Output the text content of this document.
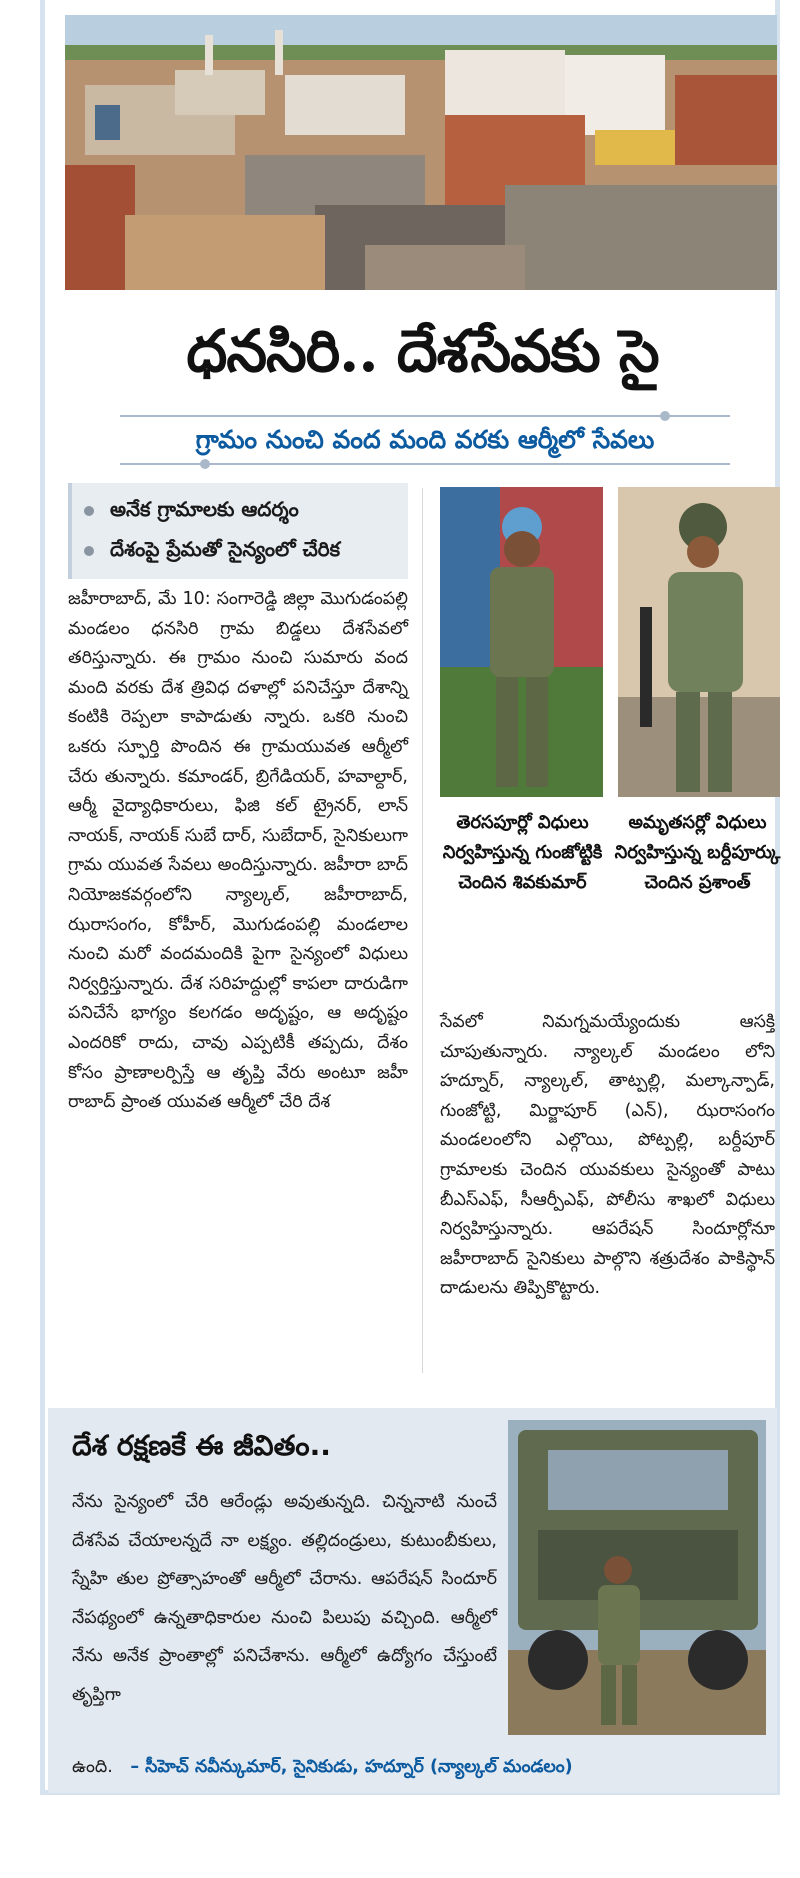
ధనసిరి.. దేశసేవకు సై
గ్రామం నుంచి వంద మంది వరకు ఆర్మీలో సేవలు
అనేక గ్రామాలకు ఆదర్శం
దేశంపై ప్రేమతో సైన్యంలో చేరిక

జహీరాబాద్, మే 10: సంగారెడ్డి జిల్లా మొగుడంపల్లి మండలం ధనసిరి గ్రామ బిడ్డలు దేశసేవలో తరిస్తున్నారు. ఈ గ్రామం నుంచి సుమారు వంద మంది వరకు దేశ త్రివిధ దళాల్లో పనిచేస్తూ దేశాన్ని కంటికి రెప్పలా కాపాడుతు న్నారు. ఒకరి నుంచి ఒకరు స్ఫూర్తి పొందిన ఈ గ్రామయువత ఆర్మీలో చేరు తున్నారు. కమాండర్, బ్రిగేడియర్, హవాల్దార్, ఆర్మీ వైద్యాధికారులు, ఫిజి కల్ ట్రైనర్, లాన్ నాయక్, నాయక్ సుబే దార్, సుబేదార్, సైనికులుగా గ్రామ యువత సేవలు అందిస్తున్నారు. జహీరా బాద్ నియోజకవర్గంలోని న్యాల్కల్, జహీరాబాద్, ఝరాసంగం, కోహీర్, మొగుడంపల్లి మండలాల నుంచి మరో వందమందికి పైగా సైన్యంలో విధులు నిర్వర్తిస్తున్నారు. దేశ సరిహద్దుల్లో కాపలా దారుడిగా పనిచేసే భాగ్యం కలగడం అదృష్టం, ఆ అదృష్టం ఎందరికో రాదు, చావు ఎప్పటికీ తప్పదు, దేశం కోసం ప్రాణాలర్పిస్తే ఆ తృప్తి వేరు అంటూ జహీ రాబాద్ ప్రాంత యువత ఆర్మీలో చేరి దేశ

తెరసపూర్లో విధులు నిర్వహిస్తున్న గుంజోట్టికి చెందిన శివకుమార్
అమృతసర్లో విధులు నిర్వహిస్తున్న బర్దీపూర్కు చెందిన ప్రశాంత్

సేవలో నిమగ్నమయ్యేందుకు ఆసక్తి చూపుతున్నారు. న్యాల్కల్ మండలం లోని హద్నూర్, న్యాల్కల్, తాట్పల్లి, మల్కాన్పాడ్, గుంజోట్టి, మిర్జాపూర్ (ఎన్), ఝరాసంగం మండలంలోని ఎల్గొయి, పోట్పల్లి, బర్దీపూర్ గ్రామాలకు చెందిన యువకులు సైన్యంతో పాటు బీఎస్ఎఫ్, సీఆర్పీఎఫ్, పోలీసు శాఖలో విధులు నిర్వహిస్తున్నారు. ఆపరేషన్ సిందూర్లోనూ జహీరాబాద్ సైనికులు పాల్గొని శత్రుదేశం పాకిస్థాన్ దాడులను తిప్పికొట్టారు.

దేశ రక్షణకే ఈ జీవితం..
నేను సైన్యంలో చేరి ఆరేండ్లు అవుతున్నది. చిన్ననాటి నుంచే దేశసేవ చేయాలన్నదే నా లక్ష్యం. తల్లిదండ్రులు, కుటుంబీకులు, స్నేహి తుల ప్రోత్సాహంతో ఆర్మీలో చేరాను. ఆపరేషన్ సిందూర్ నేపథ్యంలో ఉన్నతాధికారుల నుంచి పిలుపు వచ్చింది. ఆర్మీలో నేను అనేక ప్రాంతాల్లో పనిచేశాను. ఆర్మీలో ఉద్యోగం చేస్తుంటే తృప్తిగా
ఉంది. – సీహెచ్ నవీన్కుమార్, సైనికుడు, హద్నూర్ (న్యాల్కల్ మండలం)
